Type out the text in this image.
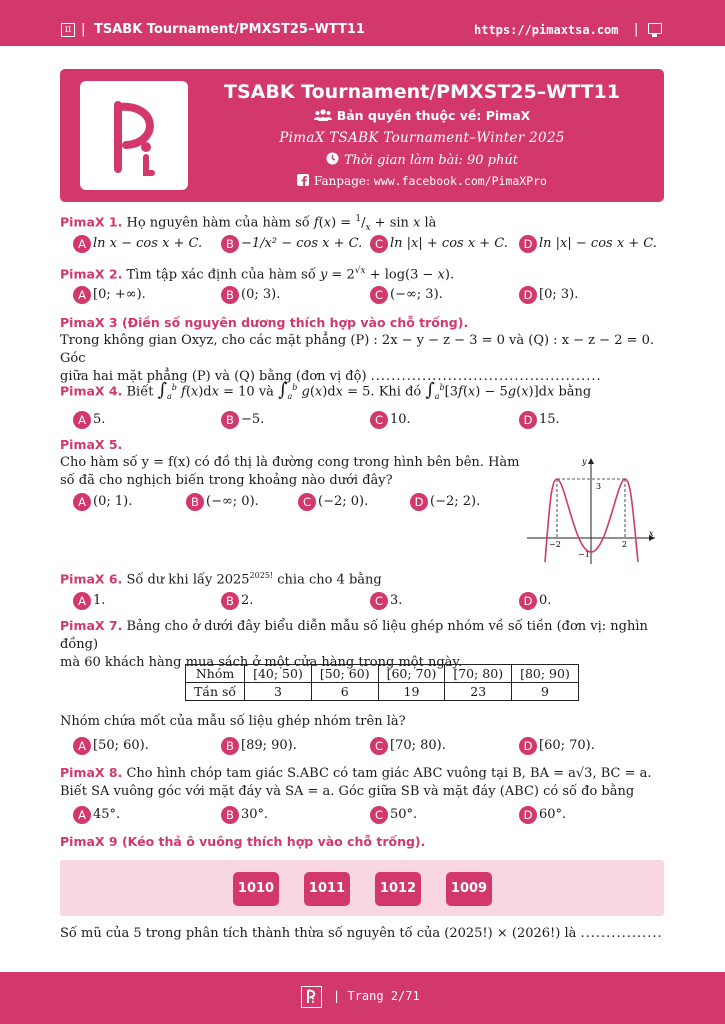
π | TSABK Tournament/PMXST25–WTT11	https://pimaxtsa.com |
TSABK Tournament/PMXST25–WTT11
Bản quyền thuộc về: PimaX
PimaX TSABK Tournament–Winter 2025
Thời gian làm bài: 90 phút
Fanpage: www.facebook.com/PimaXPro
PimaX 1. Họ nguyên hàm của hàm số $f(x) = ^1/_x + \sin x$ là
A ln x − cos x + C.	B −1/x² − cos x + C.	C ln |x| + cos x + C.	D ln |x| − cos x + C.
PimaX 2. Tìm tập xác định của hàm số $y = 2^{√x} + \log(3 - x)$.
A [0; +∞).	B (0; 3).	C (−∞; 3).	D [0; 3).
PimaX 3 (Điền số nguyên dương thích hợp vào chỗ trống).
Trong không gian Oxyz, cho các mặt phẳng (P) : 2x − y − z − 3 = 0 và (Q) : x − z − 2 = 0. Góc
giữa hai mặt phẳng (P) và (Q) bằng (đơn vị độ) .............................................
PimaX 4. Biết $\int_a^b$ f(x)dx = 10 và $\int_a^b$ g(x)dx = 5. Khi đó $\int_a^b[3f(x) - 5g(x)]dx$ bằng
A 5.	B −5.	C 10.	D 15.
PimaX 5.
Cho hàm số y = f(x) có đồ thị là đường cong trong hình bên bên. Hàm
số đã cho nghịch biến trong khoảng nào dưới đây?
A (0; 1).	B (−∞; 0).	C (−2; 0).	D (−2; 2).
y
x
3
−2	2
−1
PimaX 6. Số dư khi lấy $2025^{2025!}$ chia cho 4 bằng
A 1.	B 2.	C 3.	D 0.
PimaX 7. Bảng cho ở dưới đây biểu diễn mẫu số liệu ghép nhóm về số tiền (đơn vị: nghìn đồng)
mà 60 khách hàng mua sách ở một cửa hàng trong một ngày.
Nhóm	[40; 50)	[50; 60)	[60; 70)	[70; 80)	[80; 90)
Tần số	3	6	19	23	9
Nhóm chứa mốt của mẫu số liệu ghép nhóm trên là?
A [50; 60).	B [89; 90).	C [70; 80).	D [60; 70).
PimaX 8. Cho hình chóp tam giác S.ABC có tam giác ABC vuông tại B, BA = a√3, BC = a.
Biết SA vuông góc với mặt đáy và SA = a. Góc giữa SB và mặt đáy (ABC) có số đo bằng
A 45°.	B 30°.	C 50°.	D 60°.
PimaX 9 (Kéo thả ô vuông thích hợp vào chỗ trống).
1010	1011	1012	1009
Số mũ của 5 trong phân tích thành thừa số nguyên tố của (2025!) × (2026!) là ................
| Trang 2/71
